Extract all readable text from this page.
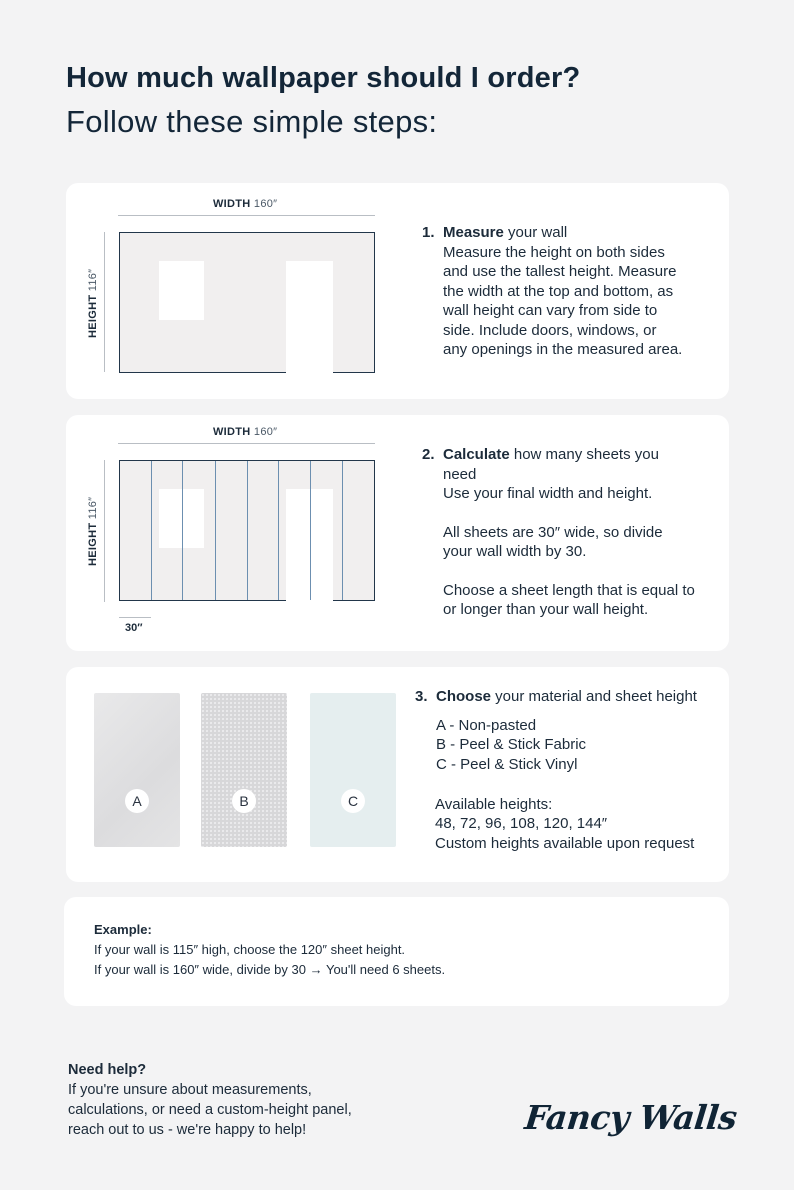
How much wallpaper should I order?
Follow these simple steps:
WIDTH 160″
HEIGHT 116″
1. Measure your wall

Measure the height on both sides

and use the tallest height. Measure

the width at the top and bottom, as

wall height can vary from side to

side. Include doors, windows, or

any openings in the measured area.

WIDTH 160″
HEIGHT 116″
30″
2. Calculate how many sheets you

need

Use your final width and height.

All sheets are 30″ wide, so divide

your wall width by 30.

Choose a sheet length that is equal to

or longer than your wall height.

A	B	C
3. Choose your material and sheet height

A - Non-pasted

B - Peel & Stick Fabric

C - Peel & Stick Vinyl

Available heights:

48, 72, 96, 108, 120, 144″

Custom heights available upon request

Example:

If your wall is 115″ high, choose the 120″ sheet height.

If your wall is 160″ wide, divide by 30 → You'll need 6 sheets.

Need help?

If you're unsure about measurements,

calculations, or need a custom-height panel,

reach out to us - we're happy to help!	Fancy Walls
